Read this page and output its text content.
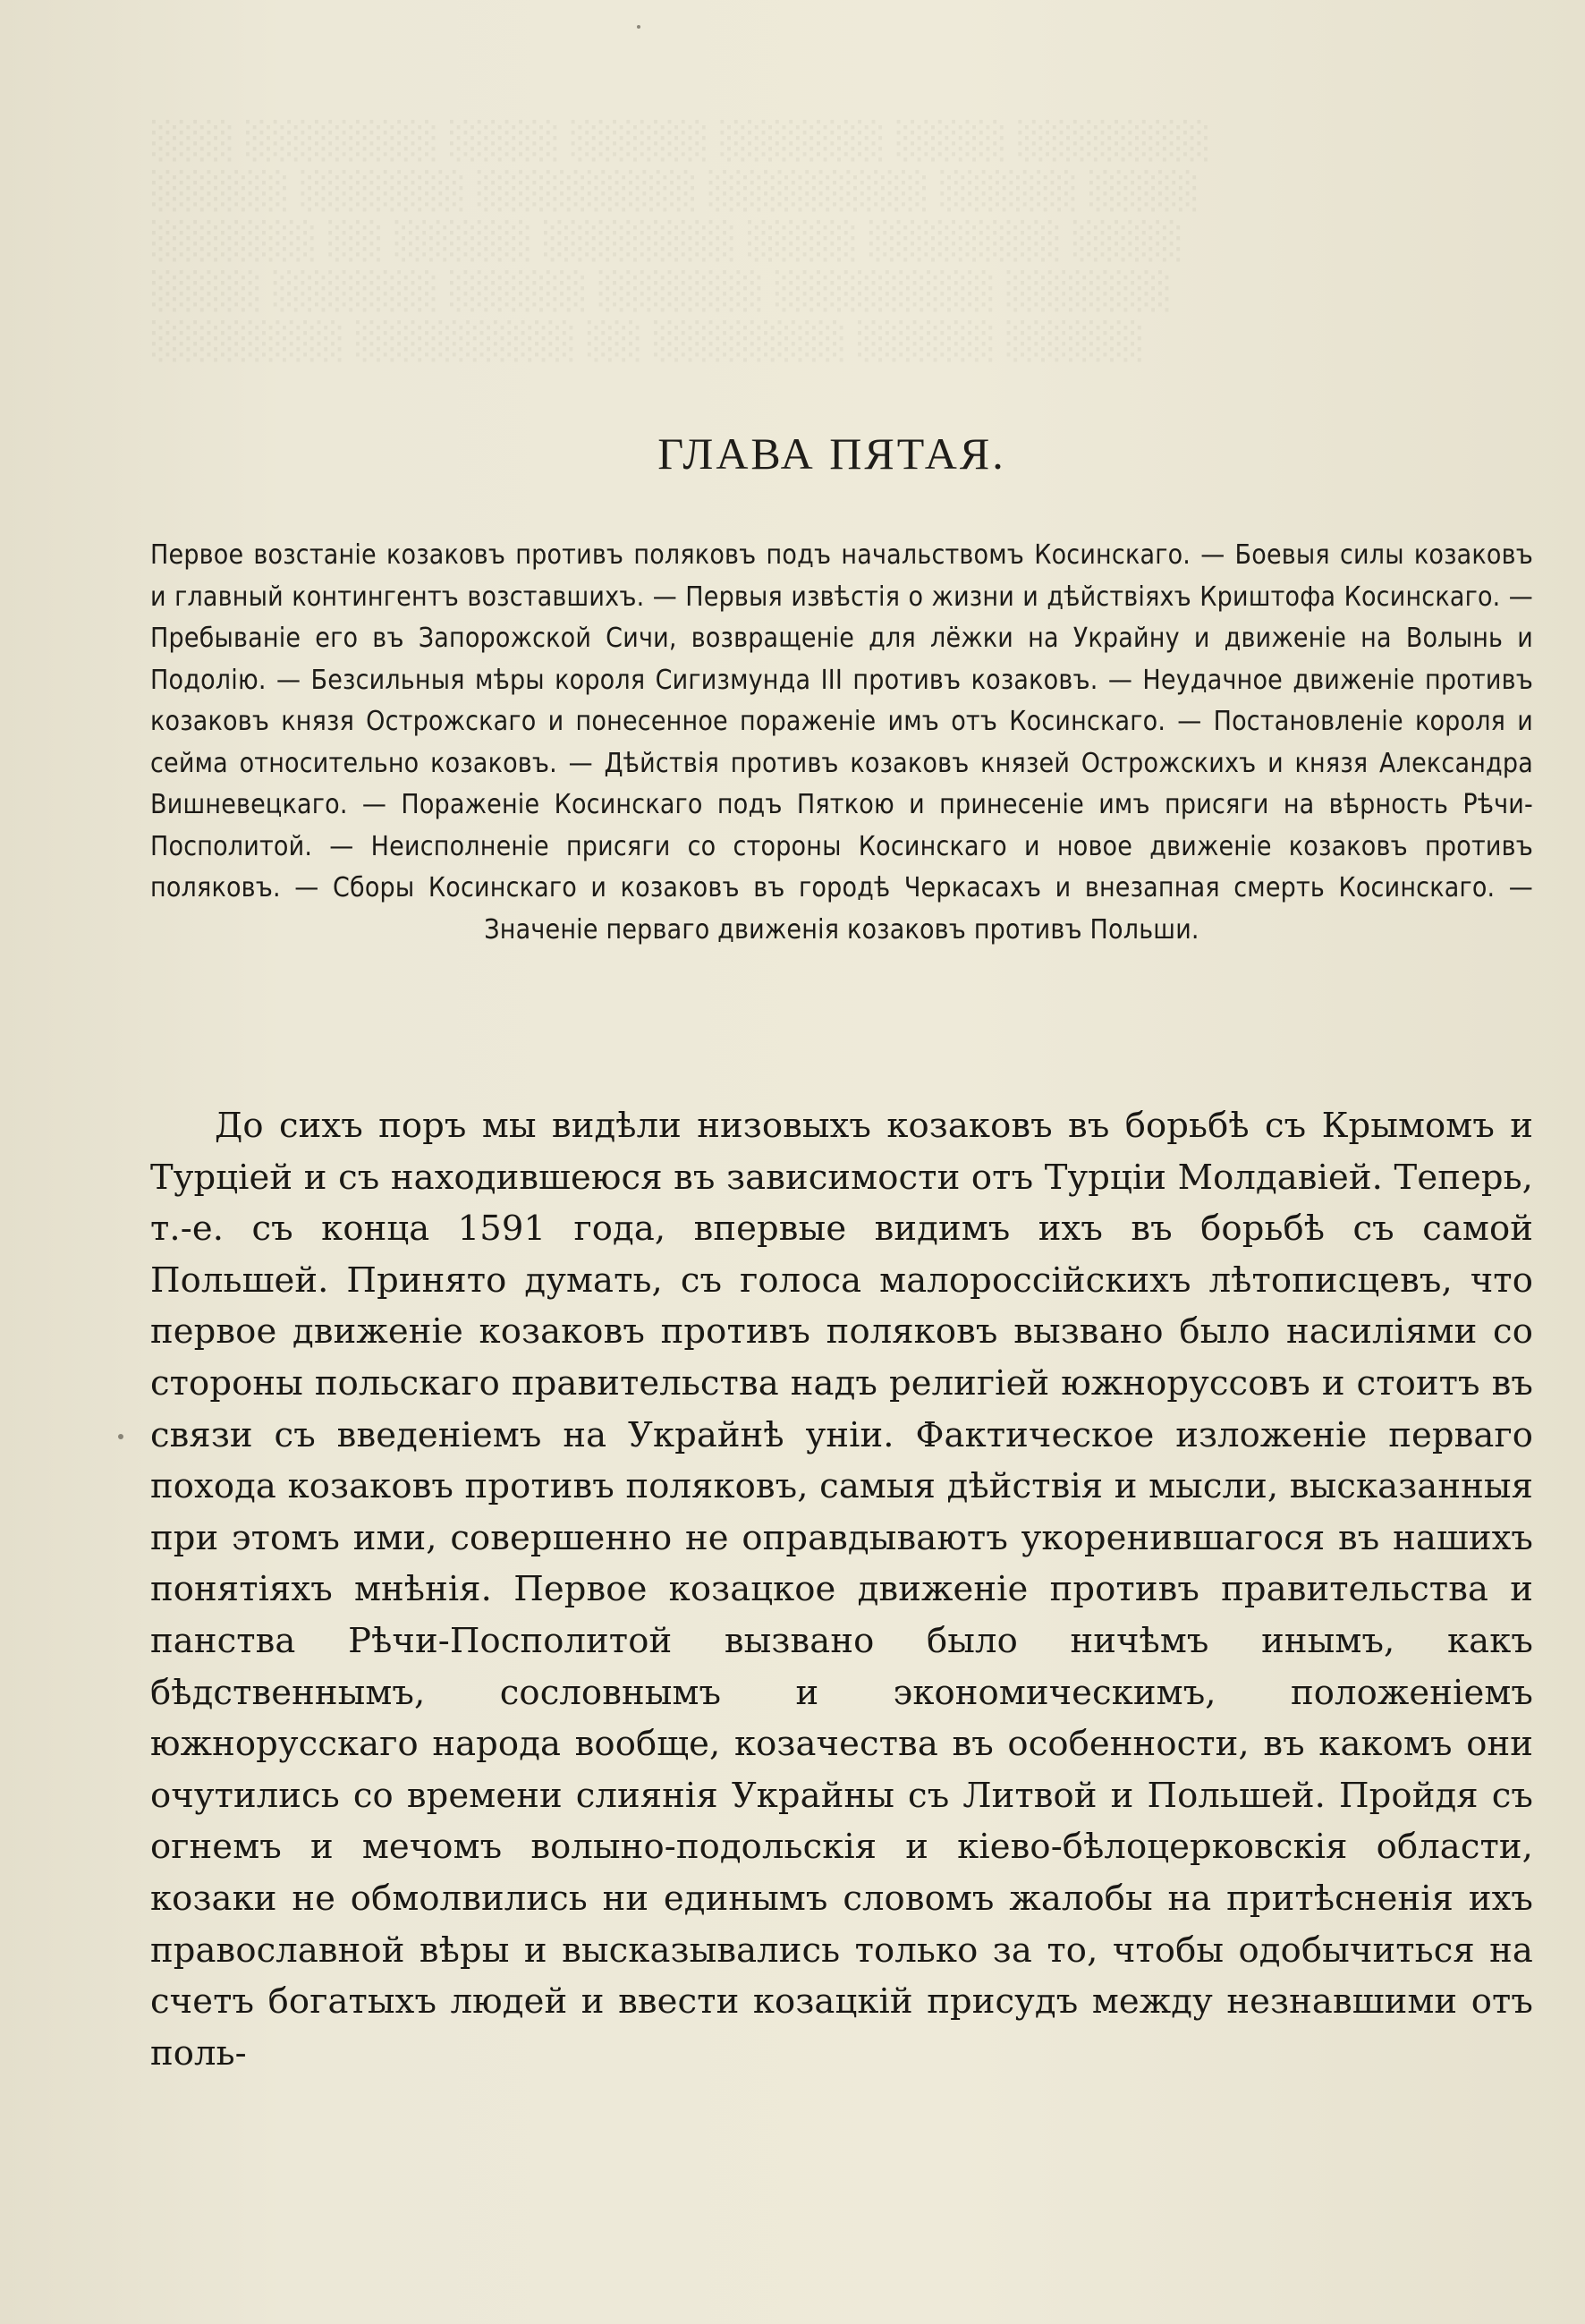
░░░ ░░░░░░░ ░░░░ ░░░░░ ░░░░░░ ░░░░ ░░░░░░░
░░░░░ ░░░░░░ ░░░░░░░░ ░░░░░░░░ ░░░░░ ░░░░
░░░░░░ ░░ ░░░░░ ░░░░░░░ ░░░░ ░░░░░░░ ░░░░
░░░░ ░░░░░░ ░░░░░ ░░░░░░ ░░░░░░░░ ░░░░░░
░░░░░░░ ░░░░░░░░ ░░ ░░░░░░░ ░░░░░ ░░░░░
ГЛАВА ПЯТАЯ.
Первое возстаніе козаковъ противъ поляковъ подъ начальствомъ Косинскаго. — Боевыя силы козаковъ и главный контингентъ возставшихъ. — Первыя извѣстія о жизни и дѣйствіяхъ Криштофа Косинскаго. — Пребываніе его въ Запорожской Сичи, возвращеніе для лёжки на Украйну и движеніе на Волынь и Подолію. — Безсильныя мѣры короля Сигизмунда III противъ козаковъ. — Неудачное движеніе противъ козаковъ князя Острожскаго и понесенное пораженіе имъ отъ Косинскаго. — Постановленіе короля и сейма относительно козаковъ. — Дѣйствія противъ козаковъ князей Острожскихъ и князя Александра Вишневецкаго. — Пораженіе Косинскаго подъ Пяткою и принесеніе имъ присяги на вѣрность Рѣчи-Посполитой. — Неисполненіе присяги со стороны Косинскаго и новое движеніе козаковъ противъ поляковъ. — Сборы Косинскаго и козаковъ въ городѣ Черкасахъ и внезапная смерть Косинскаго. — Значеніе перваго движенія козаковъ противъ Польши.
До сихъ поръ мы видѣли низовыхъ козаковъ въ борьбѣ съ Крымомъ и Турціей и съ находившеюся въ зависимости отъ Турціи Молдавіей. Теперь, т.-е. съ конца 1591 года, впервые видимъ ихъ въ борьбѣ съ самой Польшей. Принято думать, съ голоса малороссійскихъ лѣтописцевъ, что первое движеніе козаковъ противъ поляковъ вызвано было насиліями со стороны польскаго правительства надъ религіей южноруссовъ и стоитъ въ связи съ введеніемъ на Украйнѣ уніи. Фактическое изложеніе перваго похода козаковъ противъ поляковъ, самыя дѣйствія и мысли, высказанныя при этомъ ими, совершенно не оправдываютъ укоренившагося въ нашихъ понятіяхъ мнѣнія. Первое козацкое движеніе противъ правительства и панства Рѣчи-Посполитой вызвано было ничѣмъ инымъ, какъ бѣдственнымъ, сословнымъ и экономическимъ, положеніемъ южнорусскаго народа вообще, козачества въ особенности, въ какомъ они очутились со времени слиянія Украйны съ Литвой и Польшей. Пройдя съ огнемъ и мечомъ волыно-подольскія и кіево-бѣлоцерковскія области, козаки не обмолвились ни единымъ словомъ жалобы на притѣсненія ихъ православной вѣры и высказывались только за то, чтобы одобычиться на счетъ богатыхъ людей и ввести козацкій присудъ между незнавшими отъ поль-
